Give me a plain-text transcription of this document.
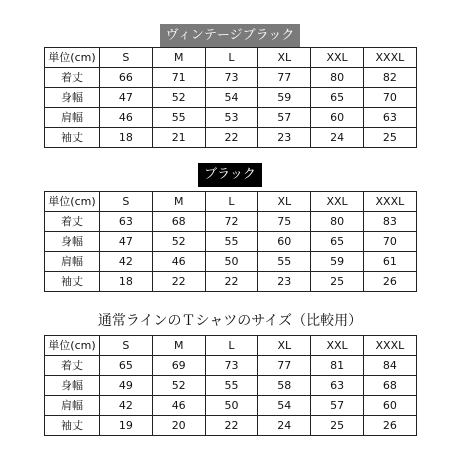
ヴィンテージブラック
単位(cm)	S	M	L	XL	XXL	XXXL
着丈	66	71	73	77	80	82
身幅	47	52	54	59	65	70
肩幅	46	55	53	57	60	63
袖丈	18	21	22	23	24	25
ブラック
単位(cm)	S	M	L	XL	XXL	XXXL
着丈	63	68	72	75	80	83
身幅	47	52	55	60	65	70
肩幅	42	46	50	55	59	61
袖丈	18	22	22	23	25	26
通常ラインのＴシャツのサイズ（比較用）
単位(cm)	S	M	L	XL	XXL	XXXL
着丈	65	69	73	77	81	84
身幅	49	52	55	58	63	68
肩幅	42	46	50	54	57	60
袖丈	19	20	22	24	25	26
